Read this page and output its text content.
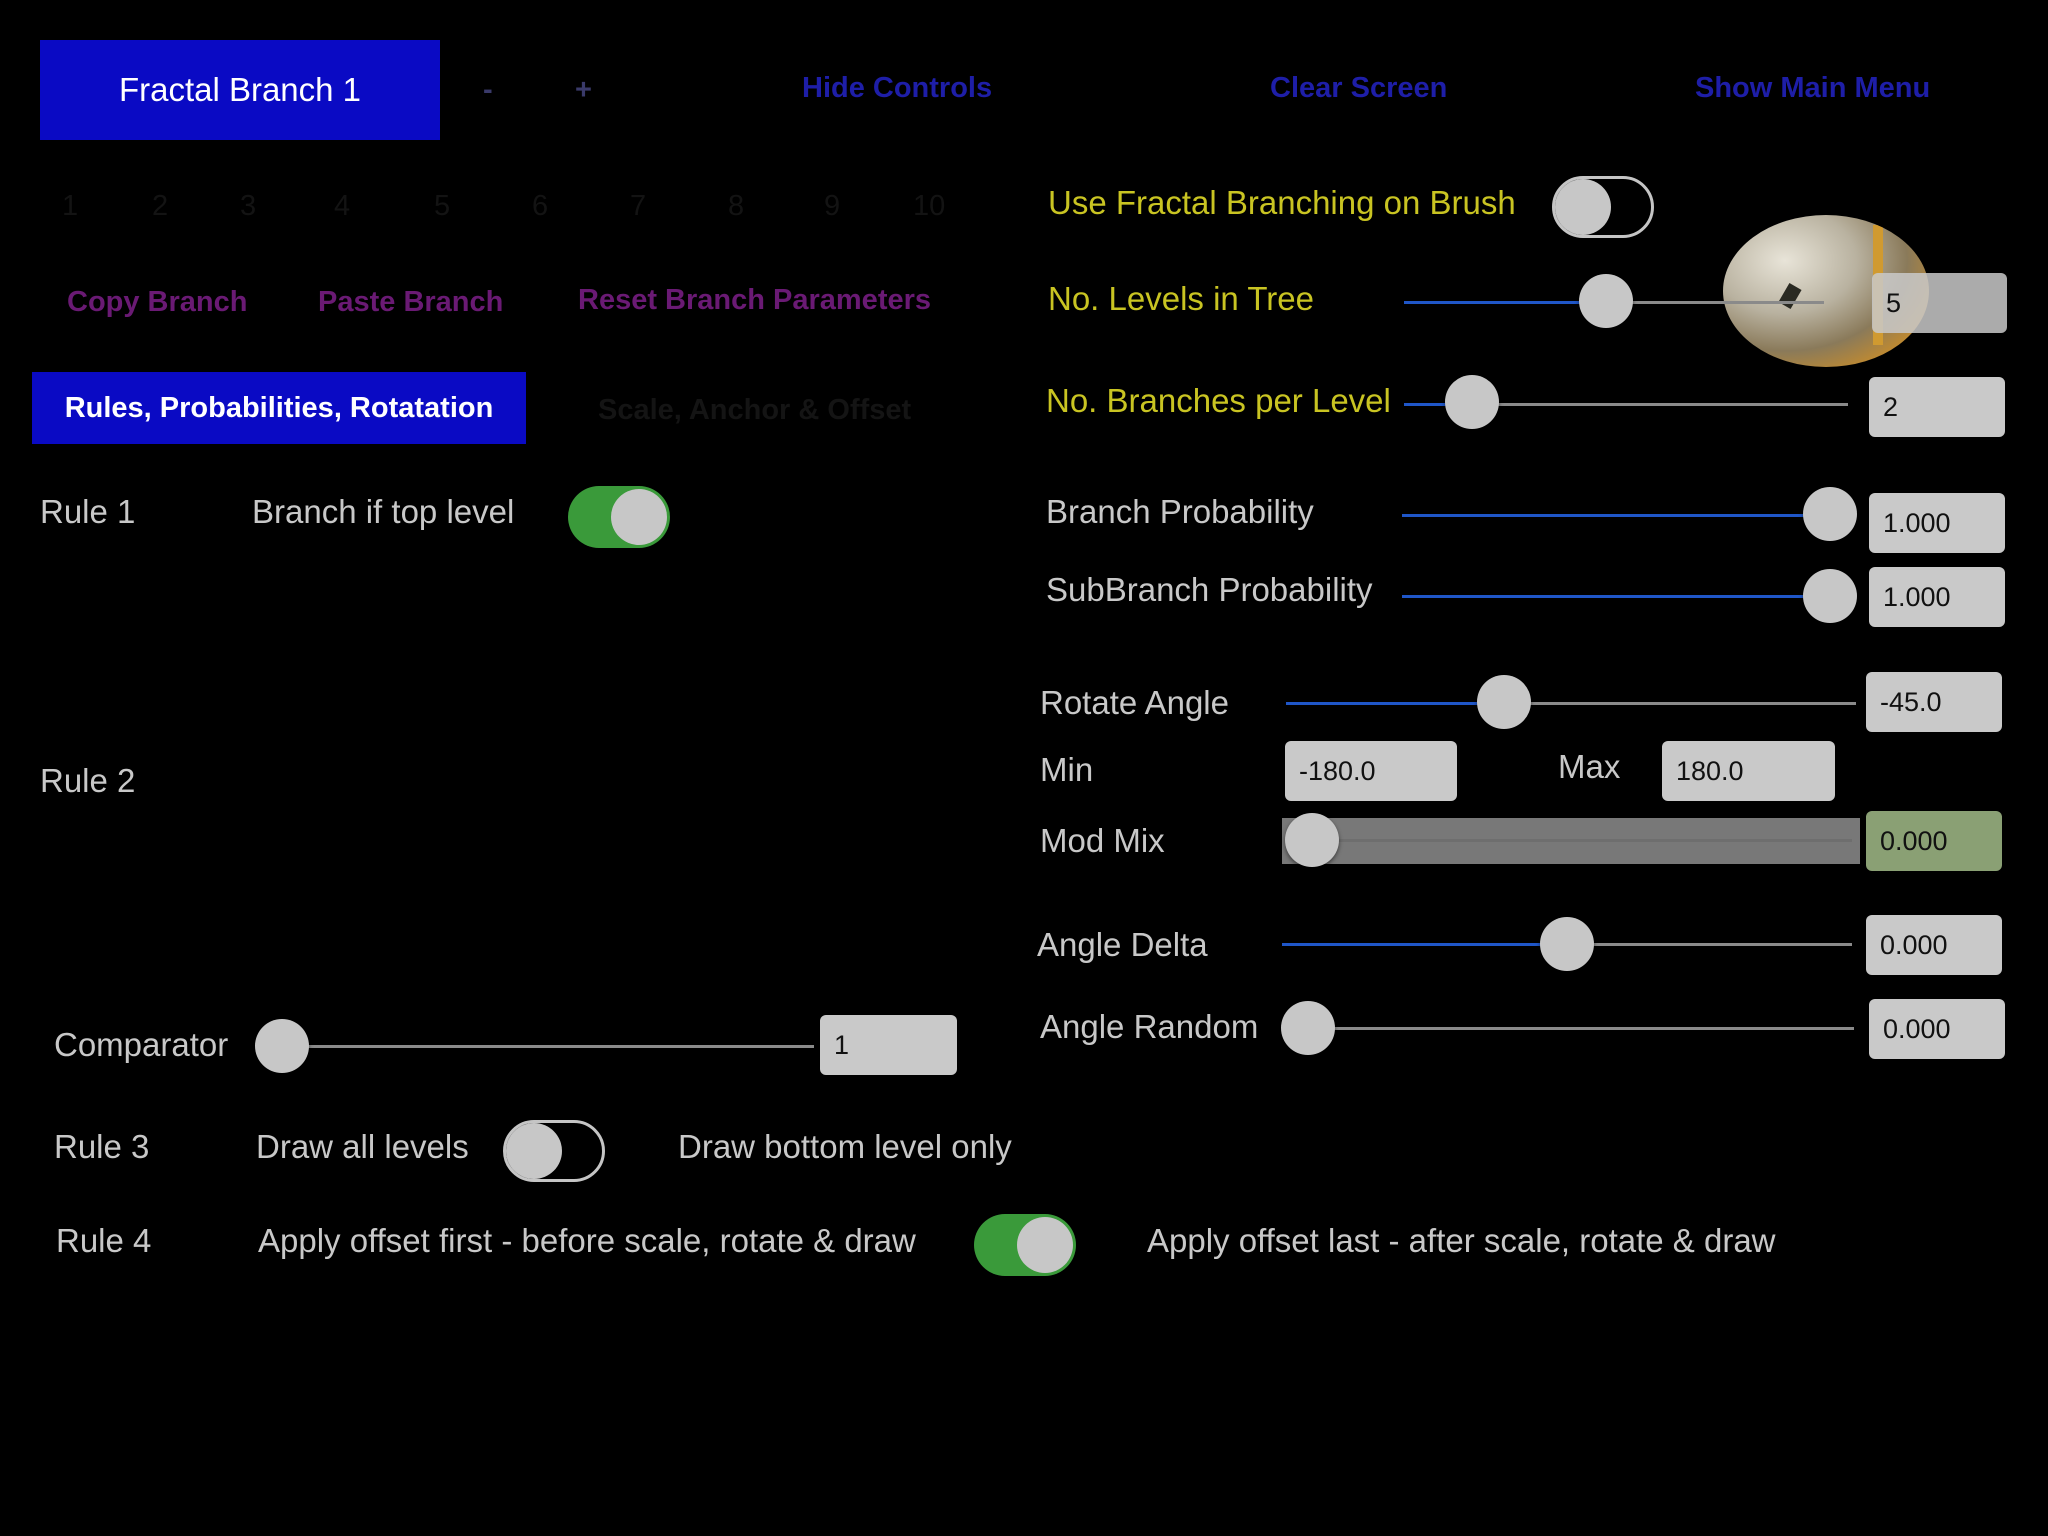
Fractal Branch 1	-	+	Hide Controls	Clear Screen	Show Main Menu
1	2 3	4	5	6	7	8	9	10
Copy Branch Paste Branch	Reset Branch Parameters
Rules, Probabilities, Rotatation	Scale, Anchor & Offset
Rule 1	Branch if top level
Rule 2
Comparator	1
Rule 3	Draw all levels	Draw bottom level only
Rule 4	Apply offset first - before scale, rotate & draw	Apply offset last - after scale, rotate & draw
Use Fractal Branching on Brush
No. Levels in Tree	5
No. Branches per Level	2
Branch Probability	1.000
SubBranch Probability	1.000
Rotate Angle	-45.0
Min	-180.0	Max	180.0
Mod Mix	0.000
Angle Delta	0.000
Angle Random	0.000
